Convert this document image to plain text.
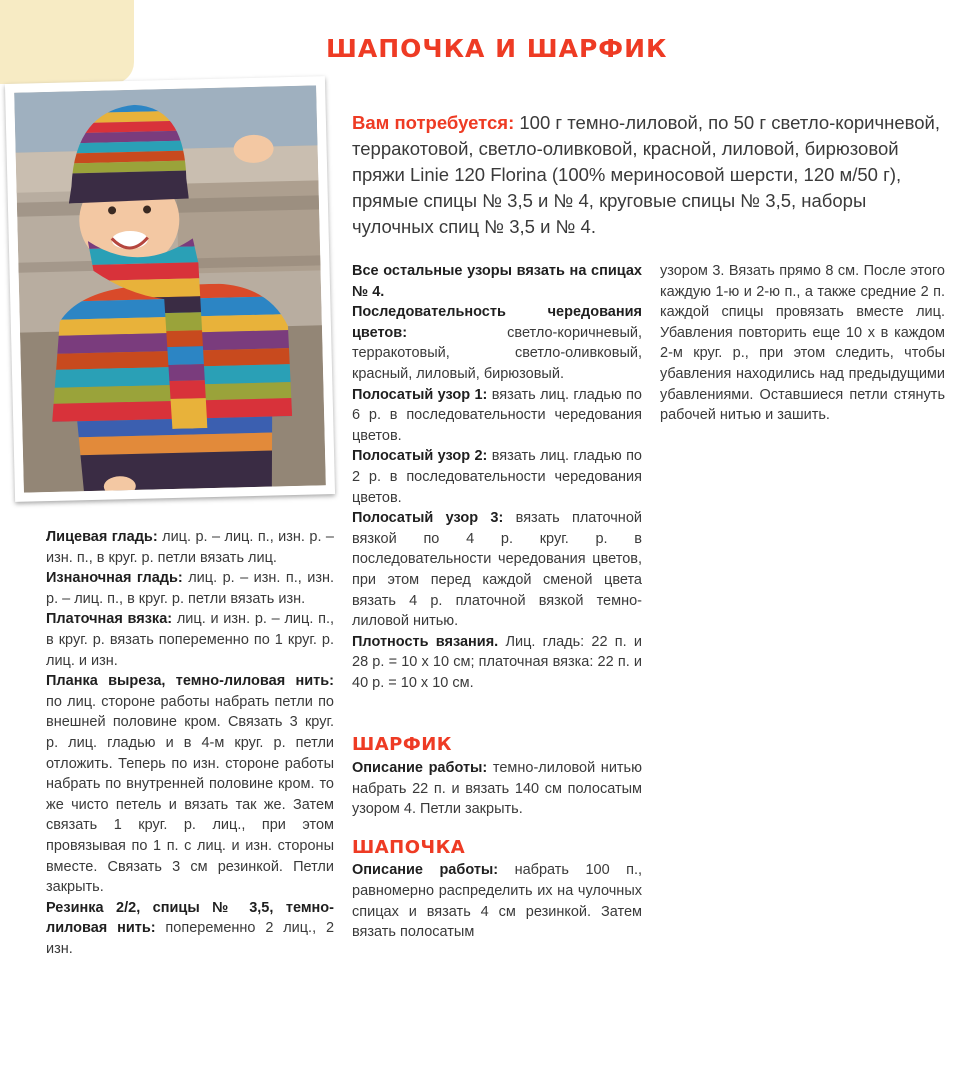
ШАПОЧКА И ШАРФИК
Вам потребуется: 100 г темно-лиловой, по 50 г светло-коричневой, терракотовой, светло-оливковой, красной, лиловой, бирюзовой пряжи Linie 120 Florina (100% мериносовой шерсти, 120 м/50 г), прямые спицы № 3,5 и № 4, круговые спицы № 3,5, наборы чулочных спиц № 3,5 и № 4.

Лицевая гладь: лиц. р. – лиц. п., изн. р. – изн. п., в круг. р. петли вязать лиц.

Изнаночная гладь: лиц. р. – изн. п., изн. р. – лиц. п., в круг. р. петли вязать изн.

Платочная вязка: лиц. и изн. р. – лиц. п., в круг. р. вязать попеременно по 1 круг. р. лиц. и изн.

Планка выреза, темно-лиловая нить: по лиц. стороне работы набрать петли по внешней половине кром. Связать 3 круг. р. лиц. гладью и в 4-м круг. р. петли отложить. Теперь по изн. стороне работы набрать по внутренней половине кром. то же чисто петель и вязать так же. Затем связать 1 круг. р. лиц., при этом провязывая по 1 п. с лиц. и изн. стороны вместе. Связать 3 см резинкой. Петли закрыть.

Резинка 2/2, спицы № 3,5, темно-лиловая нить: попеременно 2 лиц., 2 изн.

Все остальные узоры вязать на спицах № 4.

Последовательность чередования цветов:	светло-коричневый, терракотовый, светло-оливковый, красный, лиловый, бирюзовый.

Полосатый узор 1: вязать лиц. гладью по 6 р. в последовательности чередования цветов.

Полосатый узор 2: вязать лиц. гладью по 2 р. в последовательности чередования цветов.

Полосатый узор 3: вязать платочной вязкой по 4 р. круг. р. в последовательности чередования цветов, при этом перед каждой сменой цвета вязать 4 р. платочной вязкой темно-лиловой нитью.

Плотность вязания. Лиц. гладь: 22 п. и 28 р. = 10 х 10 см; платочная вязка: 22 п. и 40 р. = 10 х 10 см.

ШАРФИК

Описание работы: темно-лиловой нитью набрать 22 п. и вязать 140 см полосатым узором 4. Петли закрыть.

ШАПОЧКА

Описание работы: набрать 100 п., равномерно распределить их на чулочных спицах и вязать 4 см резинкой. Затем вязать полосатым

узором 3. Вязать прямо 8 см. После этого каждую 1-ю и 2-ю п., а также средние 2 п. каждой спицы провязать вместе лиц. Убавления повторить еще 10 х в каждом 2-м круг. р., при этом следить, чтобы убавления находились над предыдущими убавлениями. Оставшиеся петли стянуть рабочей нитью и зашить.
